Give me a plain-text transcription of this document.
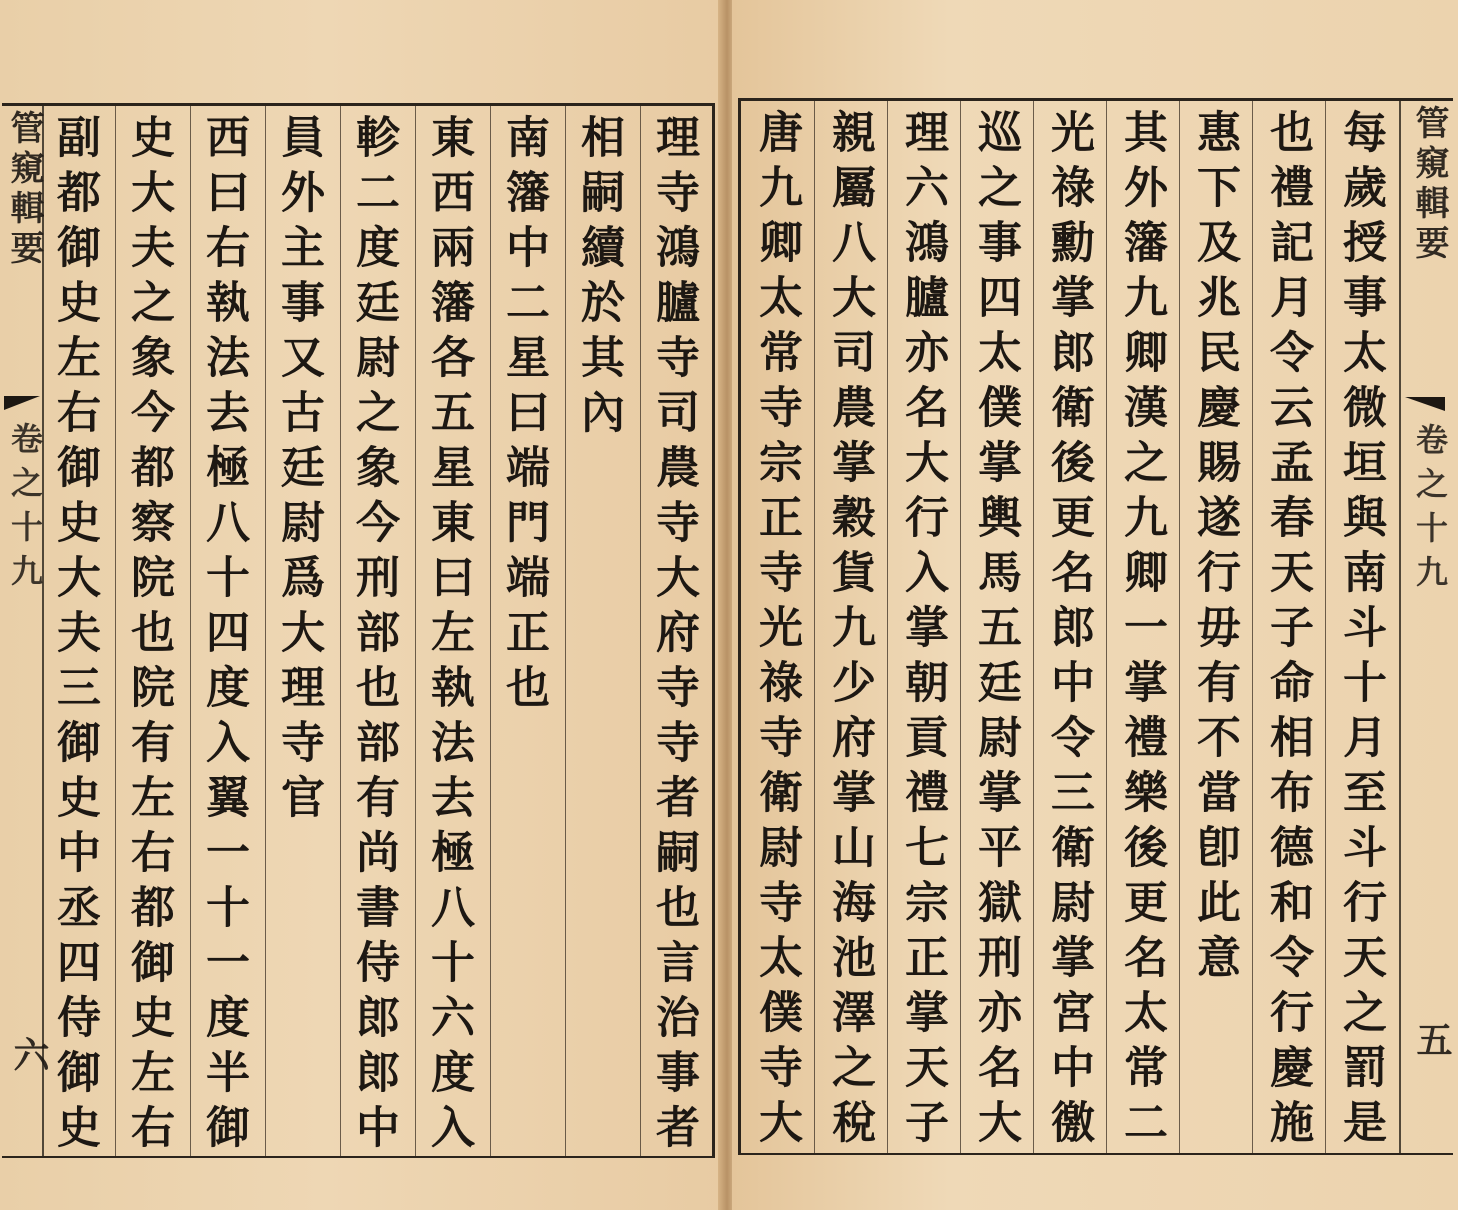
管窺輯要
卷之十九
六	理寺鴻臚寺司農寺大府寺寺者嗣也言治事者
相嗣續於其內
南籓中二星曰端門端正也
東西兩籓各五星東曰左執法去極八十六度入
軫二度廷尉之象今刑部也部有尚書侍郎郎中
員外主事又古廷尉爲大理寺官
西曰右執法去極八十四度入翼一十一度半御
史大夫之象今都察院也院有左右都御史左右
副都御史左右御史大夫三御史中丞四侍御史	每歲授事太微垣與南斗十月至斗行天之罰是
也禮記月令云孟春天子命相布德和令行慶施
惠下及兆民慶賜遂行毋有不當卽此意
其外籓九卿漢之九卿一掌禮樂後更名太常二
光祿勳掌郎衛後更名郎中令三衛尉掌宮中徼
巡之事四太僕掌輿馬五廷尉掌平獄刑亦名大
理六鴻臚亦名大行入掌朝貢禮七宗正掌天子
親屬八大司農掌穀貨九少府掌山海池澤之稅
唐九卿太常寺宗正寺光祿寺衛尉寺太僕寺大	管窺輯要
卷之十九
五
